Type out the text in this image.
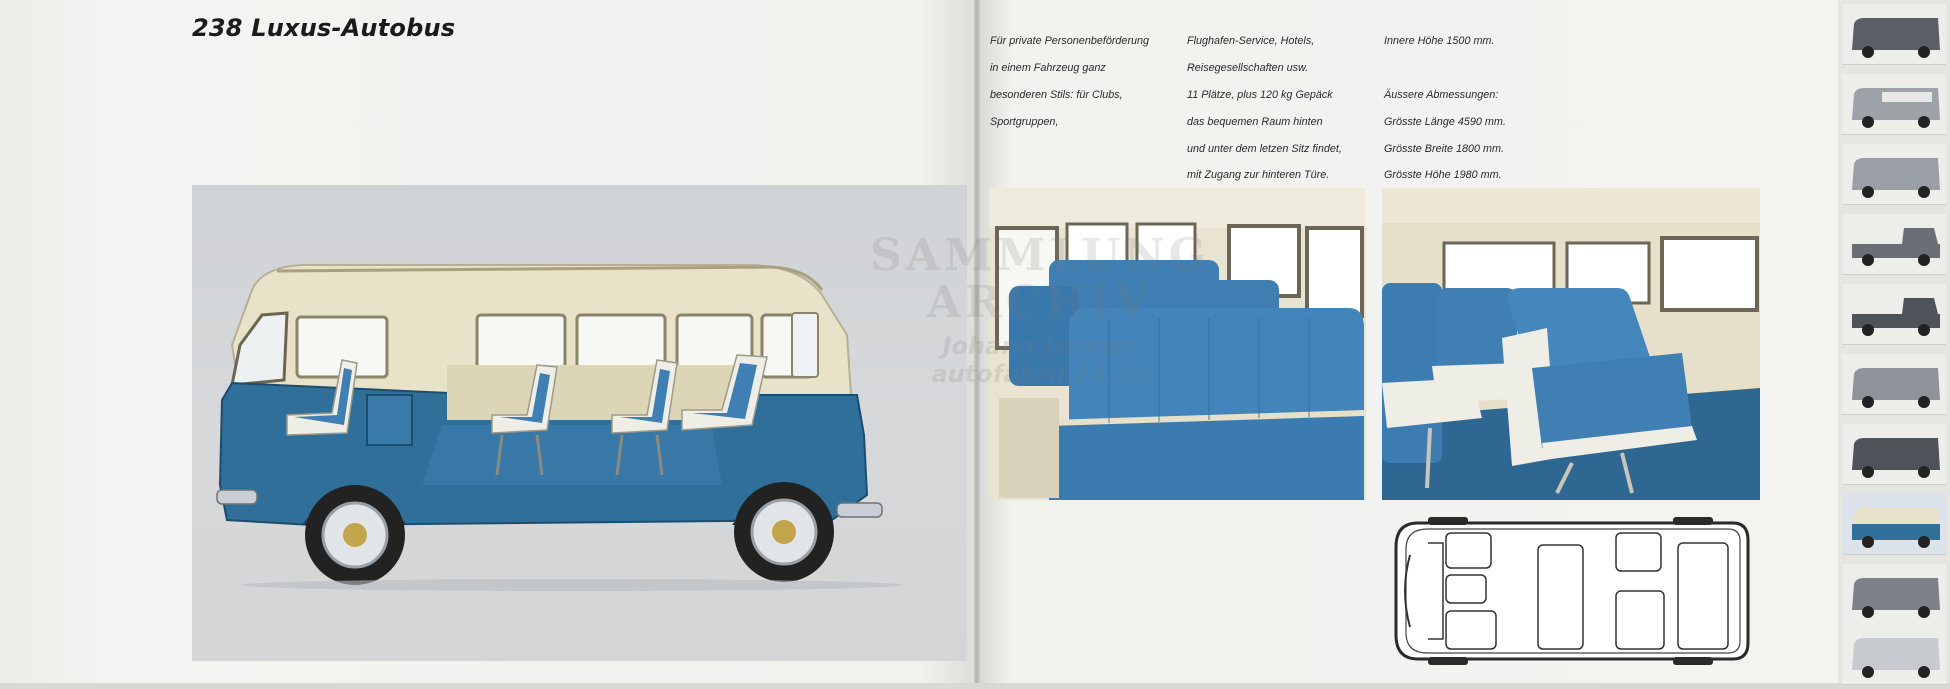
238 Luxus-Autobus	Für private Personenbeförderung

in einem Fahrzeug ganz

besonderen Stils: für Clubs,

Sportgruppen,

Flughafen-Service, Hotels,

Reisegesellschaften usw.

11 Plätze, plus 120 kg Gepäck

das bequemen Raum hinten

und unter dem letzen Sitz findet,

mit Zugang zur hinteren Türe.

Innere Höhe 1500 mm.

Äussere Abmessungen:

Grösste Länge 4590 mm.

Grösste Breite 1800 mm.

Grösste Höhe 1980 mm.
